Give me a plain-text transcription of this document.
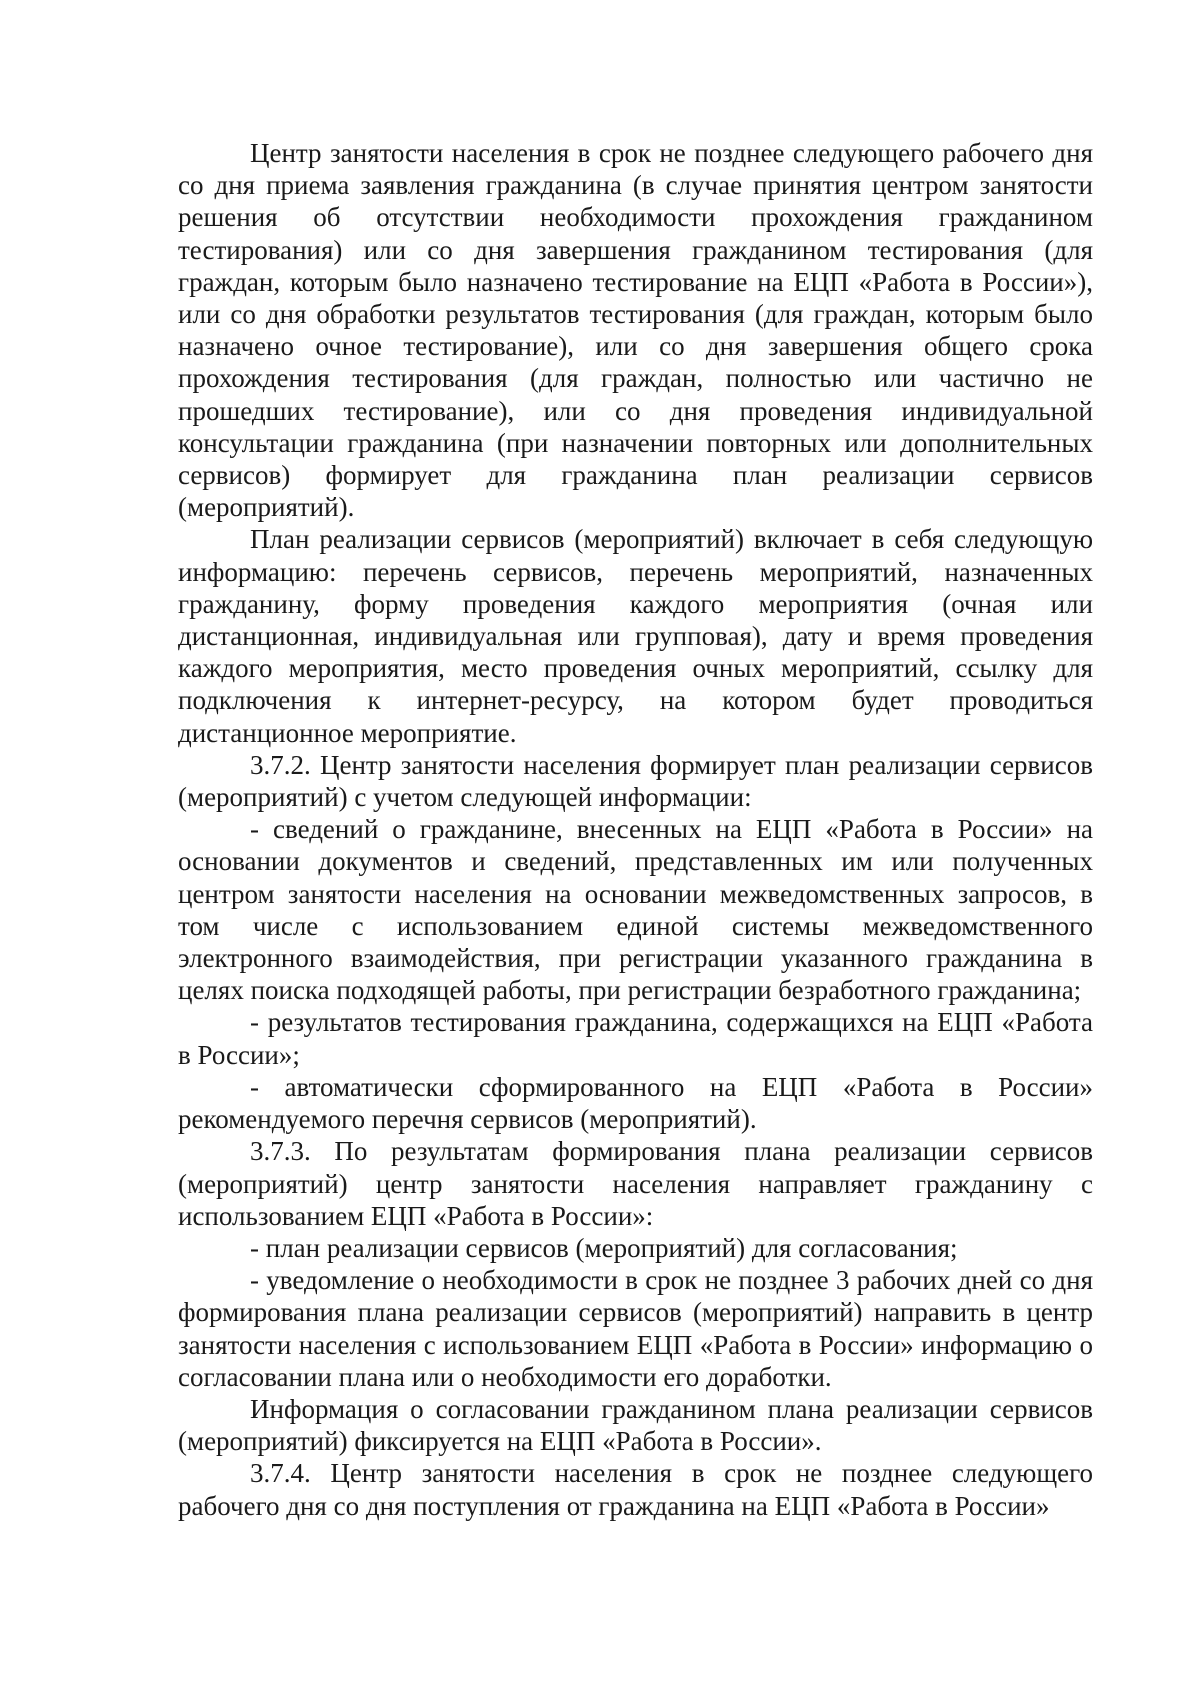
Центр занятости населения в срок не позднее следующего рабочего дня со дня приема заявления гражданина (в случае принятия центром занятости решения об отсутствии необходимости прохождения гражданином тестирования) или со дня завершения гражданином тестирования (для граждан, которым было назначено тестирование на ЕЦП «Работа в России»), или со дня обработки результатов тестирования (для граждан, которым было назначено очное тестирование), или со дня завершения общего срока прохождения тестирования (для граждан, полностью или частично не прошедших тестирование), или со дня проведения индивидуальной консультации гражданина (при назначении повторных или дополнительных сервисов) формирует для гражданина план реализации сервисов (мероприятий).

План реализации сервисов (мероприятий) включает в себя следующую информацию: перечень сервисов, перечень мероприятий, назначенных гражданину, форму проведения каждого мероприятия (очная или дистанционная, индивидуальная или групповая), дату и время проведения каждого мероприятия, место проведения очных мероприятий, ссылку для подключения к интернет-ресурсу, на котором будет проводиться дистанционное мероприятие.

3.7.2. Центр занятости населения формирует план реализации сервисов (мероприятий) с учетом следующей информации:

- сведений о гражданине, внесенных на ЕЦП «Работа в России» на основании документов и сведений, представленных им или полученных центром занятости населения на основании межведомственных запросов, в том числе с использованием единой системы межведомственного электронного взаимодействия, при регистрации указанного гражданина в целях поиска подходящей работы, при регистрации безработного гражданина;

- результатов тестирования гражданина, содержащихся на ЕЦП «Работа в России»;

- автоматически сформированного на ЕЦП «Работа в России» рекомендуемого перечня сервисов (мероприятий).

3.7.3. По результатам формирования плана реализации сервисов (мероприятий) центр занятости населения направляет гражданину с использованием ЕЦП «Работа в России»:

- план реализации сервисов (мероприятий) для согласования;

- уведомление о необходимости в срок не позднее 3 рабочих дней со дня формирования плана реализации сервисов (мероприятий) направить в центр занятости населения с использованием ЕЦП «Работа в России» информацию о согласовании плана или о необходимости его доработки.

Информация о согласовании гражданином плана реализации сервисов (мероприятий) фиксируется на ЕЦП «Работа в России».

3.7.4. Центр занятости населения в срок не позднее следующего рабочего дня со дня поступления от гражданина на ЕЦП «Работа в России»
